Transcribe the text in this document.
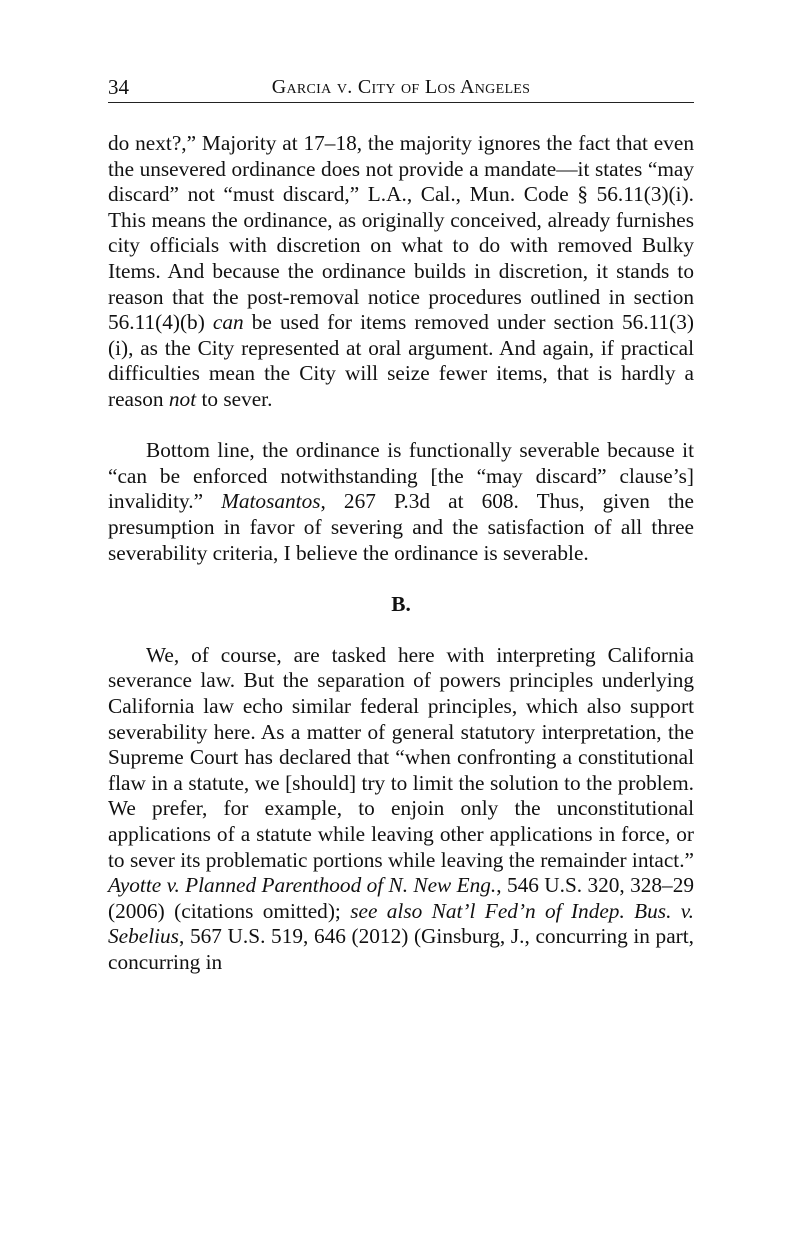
34	Garcia v. City of Los Angeles

do next?,” Majority at 17–18, the majority ignores the fact that even the unsevered ordinance does not provide a mandate—it states “may discard” not “must discard,” L.A., Cal., Mun. Code § 56.11(3)(i). This means the ordinance, as originally conceived, already furnishes city officials with discretion on what to do with removed Bulky Items. And because the ordinance builds in discretion, it stands to reason that the post-removal notice procedures outlined in section 56.11(4)(b) can be used for items removed under section 56.11(3)(i), as the City represented at oral argument. And again, if practical difficulties mean the City will seize fewer items, that is hardly a reason not to sever.

Bottom line, the ordinance is functionally severable because it “can be enforced notwithstanding [the “may discard” clause’s] invalidity.” Matosantos, 267 P.3d at 608. Thus, given the presumption in favor of severing and the satisfaction of all three severability criteria, I believe the ordinance is severable.

B.

We, of course, are tasked here with interpreting California severance law. But the separation of powers principles underlying California law echo similar federal principles, which also support severability here. As a matter of general statutory interpretation, the Supreme Court has declared that “when confronting a constitutional flaw in a statute, we [should] try to limit the solution to the problem. We prefer, for example, to enjoin only the unconstitutional applications of a statute while leaving other applications in force, or to sever its problematic portions while leaving the remainder intact.” Ayotte v. Planned Parenthood of N. New Eng., 546 U.S. 320, 328–29 (2006) (citations omitted); see also Nat’l Fed’n of Indep. Bus. v. Sebelius, 567 U.S. 519, 646 (2012) (Ginsburg, J., concurring in part, concurring in
